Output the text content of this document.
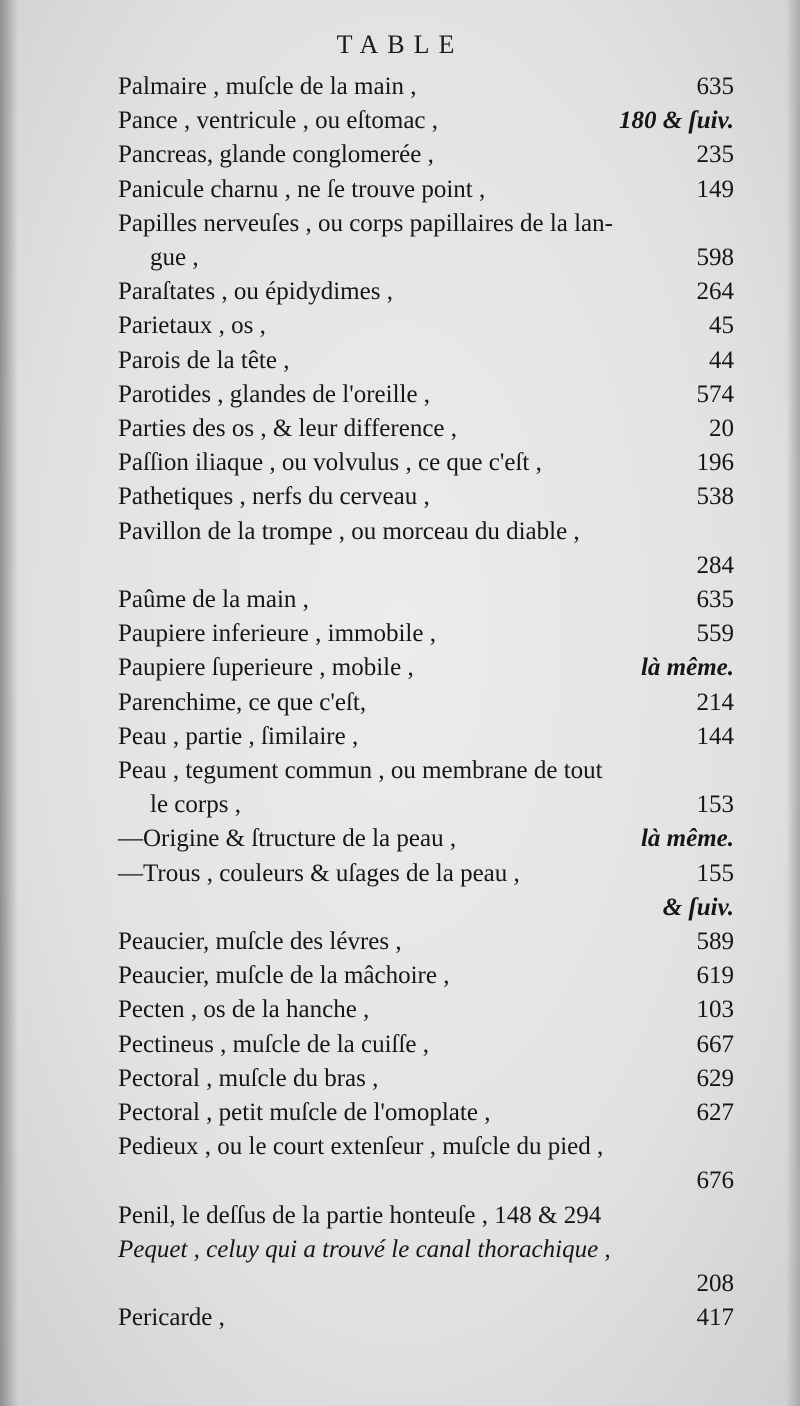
TABLE
Palmaire , muſcle de la main ,	635
Pance , ventricule , ou eſtomac ,	180 & ſuiv.
Pancreas, glande conglomerée ,	235
Panicule charnu , ne ſe trouve point ,	149
Papilles nerveuſes , ou corps papillaires de la lan-
gue ,	598
Paraſtates , ou épidydimes ,	264
Parietaux , os ,	45
Parois de la tête ,	44
Parotides , glandes de l'oreille ,	574
Parties des os , & leur difference ,	20
Paſſion iliaque , ou volvulus , ce que c'eſt ,	196
Pathetiques , nerfs du cerveau ,	538
Pavillon de la trompe , ou morceau du diable ,
284
Paûme de la main ,	635
Paupiere inferieure , immobile ,	559
Paupiere ſuperieure , mobile ,	là même.
Parenchime, ce que c'eſt,	214
Peau , partie , ſimilaire ,	144
Peau , tegument commun , ou membrane de tout
le corps ,	153
—Origine & ſtructure de la peau ,	là même.
—Trous , couleurs & uſages de la peau ,	155
& ſuiv.
Peaucier, muſcle des lévres ,	589
Peaucier, muſcle de la mâchoire ,	619
Pecten , os de la hanche ,	103
Pectineus , muſcle de la cuiſſe ,	667
Pectoral , muſcle du bras ,	629
Pectoral , petit muſcle de l'omoplate ,	627
Pedieux , ou le court extenſeur , muſcle du pied ,
676
Penil, le deſſus de la partie honteuſe , 148 & 294
Pequet , celuy qui a trouvé le canal thorachique ,
208
Pericarde ,	417
